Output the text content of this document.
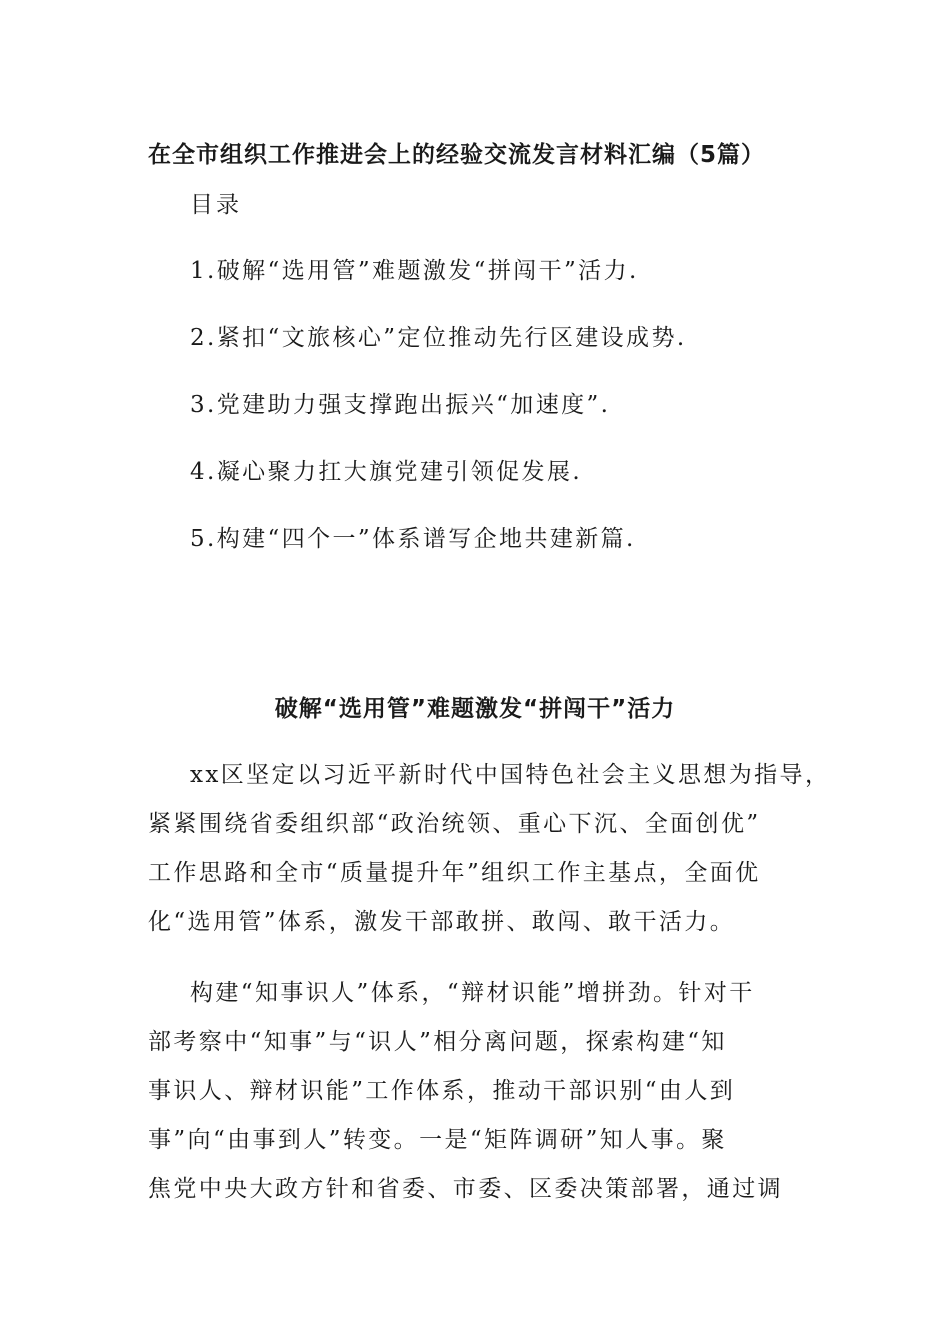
在全市组织工作推进会上的经验交流发言材料汇编（5篇）
目录
1.破解“选用管”难题激发“拼闯干”活力.
2.紧扣“文旅核心”定位推动先行区建设成势.
3.党建助力强支撑跑出振兴“加速度”.
4.凝心聚力扛大旗党建引领促发展.
5.构建“四个一”体系谱写企地共建新篇.
破解“选用管”难题激发“拼闯干”活力
xx区坚定以习近平新时代中国特色社会主义思想为指导，
紧紧围绕省委组织部“政治统领、重心下沉、全面创优”
工作思路和全市“质量提升年”组织工作主基点，全面优
化“选用管”体系，激发干部敢拼、敢闯、敢干活力。
构建“知事识人”体系，“辩材识能”增拼劲。针对干
部考察中“知事”与“识人”相分离问题，探索构建“知
事识人、辩材识能”工作体系，推动干部识别“由人到
事”向“由事到人”转变。一是“矩阵调研”知人事。聚
焦党中央大政方针和省委、市委、区委决策部署，通过调
